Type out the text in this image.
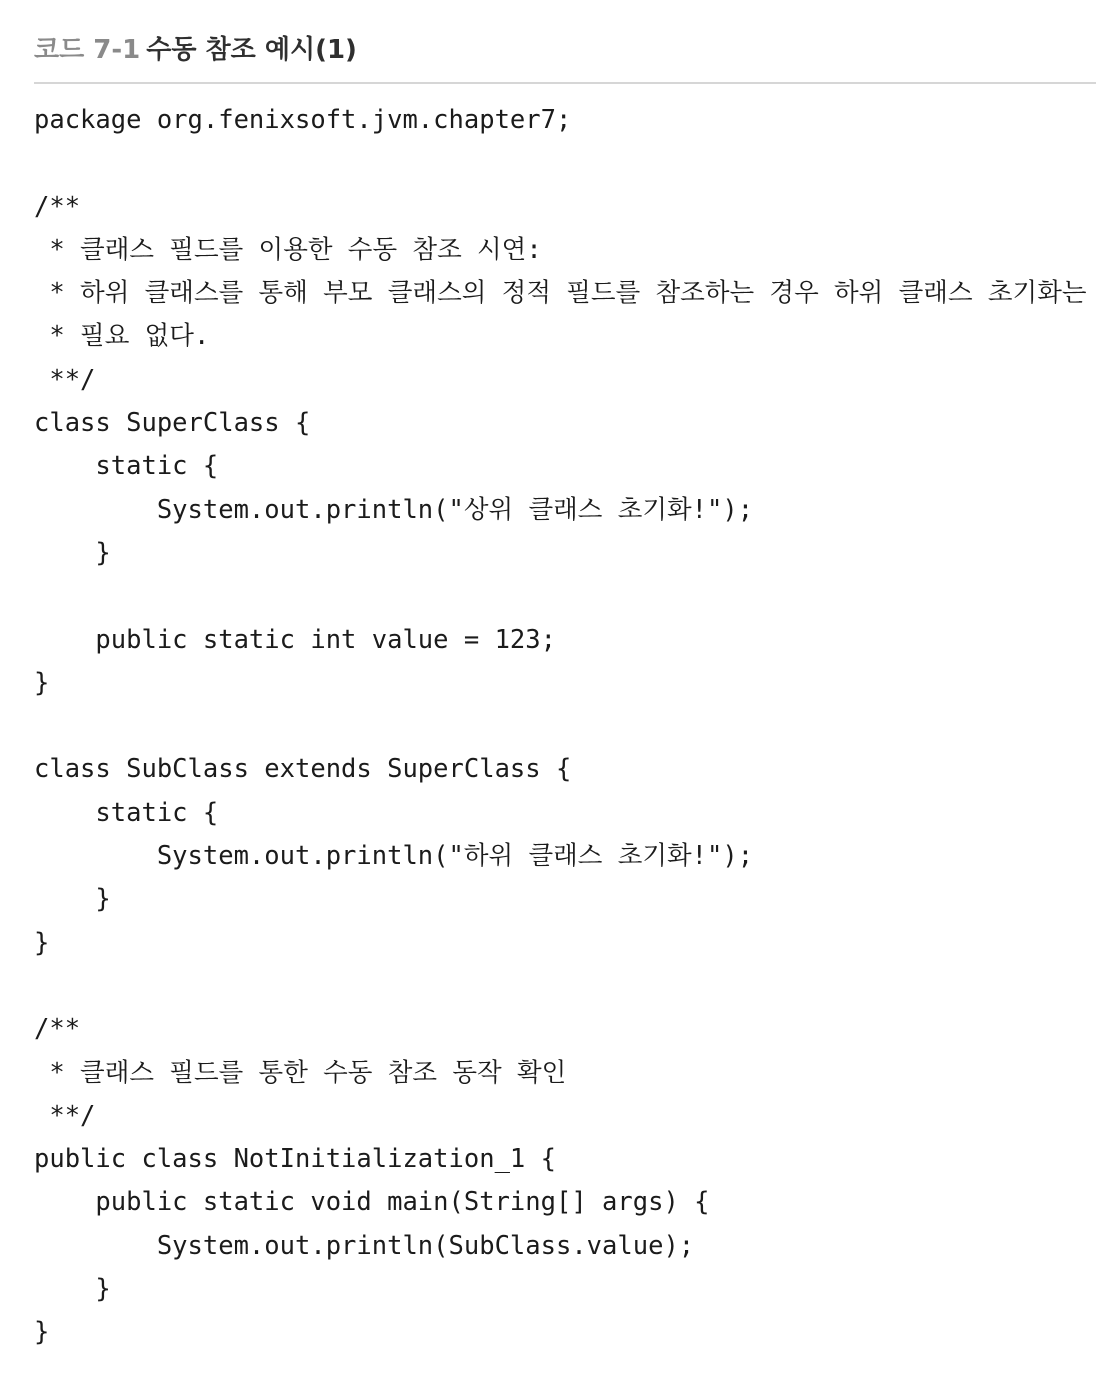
코드 7-1 수동 참조 예시(1)
package org.fenixsoft.jvm.chapter7;
/**
* 클래스 필드를 이용한 수동 참조 시연:
* 하위 클래스를 통해 부모 클래스의 정적 필드를 참조하는 경우 하위 클래스 초기화는
* 필요 없다.
**/
class SuperClass {
static {
System.out.println("상위 클래스 초기화!");
}
public static int value = 123;
}
class SubClass extends SuperClass {
static {
System.out.println("하위 클래스 초기화!");
}
}
/**
* 클래스 필드를 통한 수동 참조 동작 확인
**/
public class NotInitialization_1 {
public static void main(String[] args) {
System.out.println(SubClass.value);
}
}
